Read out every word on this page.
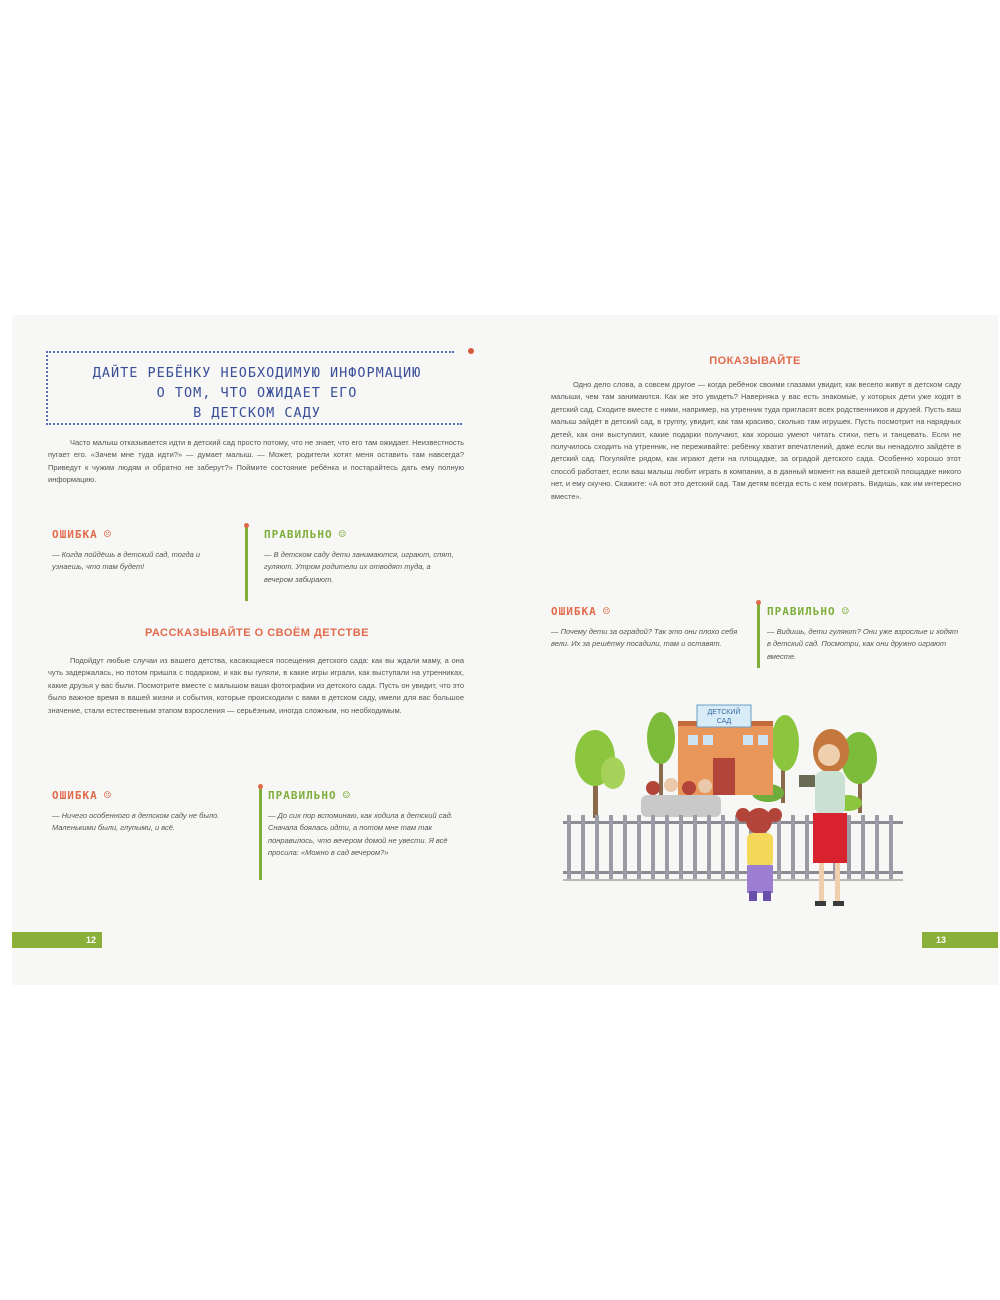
ДАЙТЕ РЕБЁНКУ НЕОБХОДИМУЮ ИНФОРМАЦИЮ
О ТОМ, ЧТО ОЖИДАЕТ ЕГО
В ДЕТСКОМ САДУ

Часто малыш отказывается идти в детский сад просто потому, что не знает, что его там ожидает. Неизвестность пугает его. «Зачем мне туда идти?» — думает малыш. — Может, родители хотят меня оставить там навсегда? Приведут к чужим людям и обратно не заберут?» Поймите состояние ребёнка и постарайтесь дать ему полную информацию.

ОШИБКА ☹

— Когда пойдёшь в детский сад, тогда и узнаешь, что там будет!

ПРАВИЛЬНО ☺

— В детском саду дети занимаются, играют, спят, гуляют. Утром родители их отводят туда, а вечером забирают.

РАССКАЗЫВАЙТЕ О СВОЁМ ДЕТСТВЕ

Подойдут любые случаи из вашего детства, касающиеся посещения детского сада: как вы ждали маму, а она чуть задержалась, но потом пришла с подарком, и как вы гуляли, в какие игры играли, как выступали на утренниках, какие друзья у вас были. Посмотрите вместе с малышом ваши фотографии из детского сада. Пусть он увидит, что это было важное время в вашей жизни и события, которые происходили с вами в детском саду, имели для вас большое значение, стали естественным этапом взросления — серьёзным, иногда сложным, но необходимым.

ОШИБКА ☹

— Ничего особенного в детском саду не было. Маленькими были, глупыми, и всё.

ПРАВИЛЬНО ☺

— До сих пор вспоминаю, как ходила в детский сад. Сначала боялась идти, а потом мне там так понравилось, что вечером домой не увести. Я всё просила: «Можно в сад вечером?»

12
ПОКАЗЫВАЙТЕ

Одно дело слова, а совсем другое — когда ребёнок своими глазами увидит, как весело живут в детском саду малыши, чем там занимаются. Как же это увидеть? Наверняка у вас есть знакомые, у которых дети уже ходят в детский сад. Сходите вместе с ними, например, на утренник туда пригласят всех родственников и друзей. Пусть ваш малыш зайдёт в детский сад, в группу, увидит, как там красиво, сколько там игрушек. Пусть посмотрит на нарядных детей, как они выступают, какие подарки получают, как хорошо умеют читать стихи, петь и танцевать. Если не получилось сходить на утренник, не переживайте: ребёнку хватит впечатлений, даже если вы ненадолго зайдёте в детский сад. Погуляйте рядом, как играют дети на площадке, за оградой детского сада. Особенно хорошо этот способ работает, если ваш малыш любит играть в компании, а в данный момент на вашей детской площадке никого нет, и ему скучно. Скажите: «А вот это детский сад. Там детям всегда есть с кем поиграть. Видишь, как им интересно вместе».

ОШИБКА ☹

— Почему дети за оградой? Так это они плохо себя вели. Их за решётку посадили, там и оставят.

ПРАВИЛЬНО ☺

— Видишь, дети гуляют? Они уже взрослые и ходят в детский сад. Посмотри, как они дружно играют вместе.

ДЕТСКИЙ
САД
13
